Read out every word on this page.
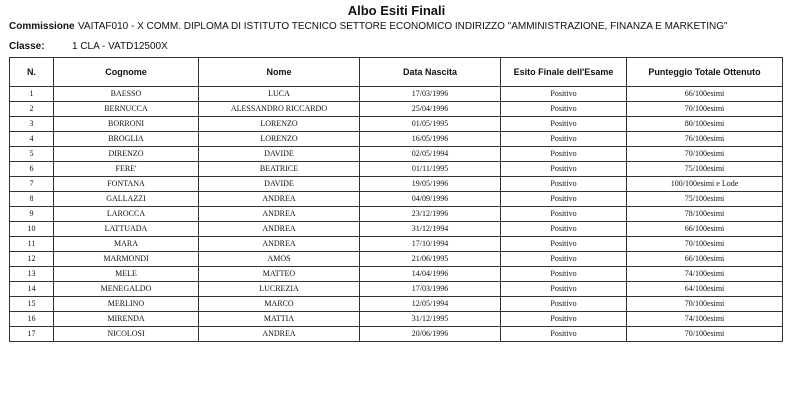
Albo Esiti Finali
Commissione VAITAF010 - X COMM. DIPLOMA DI ISTITUTO TECNICO SETTORE ECONOMICO INDIRIZZO "AMMINISTRAZIONE, FINANZA E MARKETING"
Classe:	1 CLA - VATD12500X
N.	Cognome	Nome	Data Nascita	Esito Finale dell'Esame	Punteggio Totale Ottenuto
1	BAESSO	LUCA	17/03/1996	Positivo	66/100esimi
2	BERNUCCA	ALESSANDRO RICCARDO	25/04/1996	Positivo	70/100esimi
3	BORRONI	LORENZO	01/05/1995	Positivo	80/100esimi
4	BROGLIA	LORENZO	16/05/1996	Positivo	76/100esimi
5	DIRENZO	DAVIDE	02/05/1994	Positivo	70/100esimi
6	FERE'	BEATRICE	01/11/1995	Positivo	75/100esimi
7	FONTANA	DAVIDE	19/05/1996	Positivo	100/100esimi e Lode
8	GALLAZZI	ANDREA	04/09/1996	Positivo	75/100esimi
9	LAROCCA	ANDREA	23/12/1996	Positivo	78/100esimi
10	LATTUADA	ANDREA	31/12/1994	Positivo	66/100esimi
11	MARA	ANDREA	17/10/1994	Positivo	70/100esimi
12	MARMONDI	AMOS	21/06/1995	Positivo	66/100esimi
13	MELE	MATTEO	14/04/1996	Positivo	74/100esimi
14	MENEGALDO	LUCREZIA	17/03/1996	Positivo	64/100esimi
15	MERLINO	MARCO	12/05/1994	Positivo	70/100esimi
16	MIRENDA	MATTIA	31/12/1995	Positivo	74/100esimi
17	NICOLOSI	ANDREA	20/06/1996	Positivo	70/100esimi
